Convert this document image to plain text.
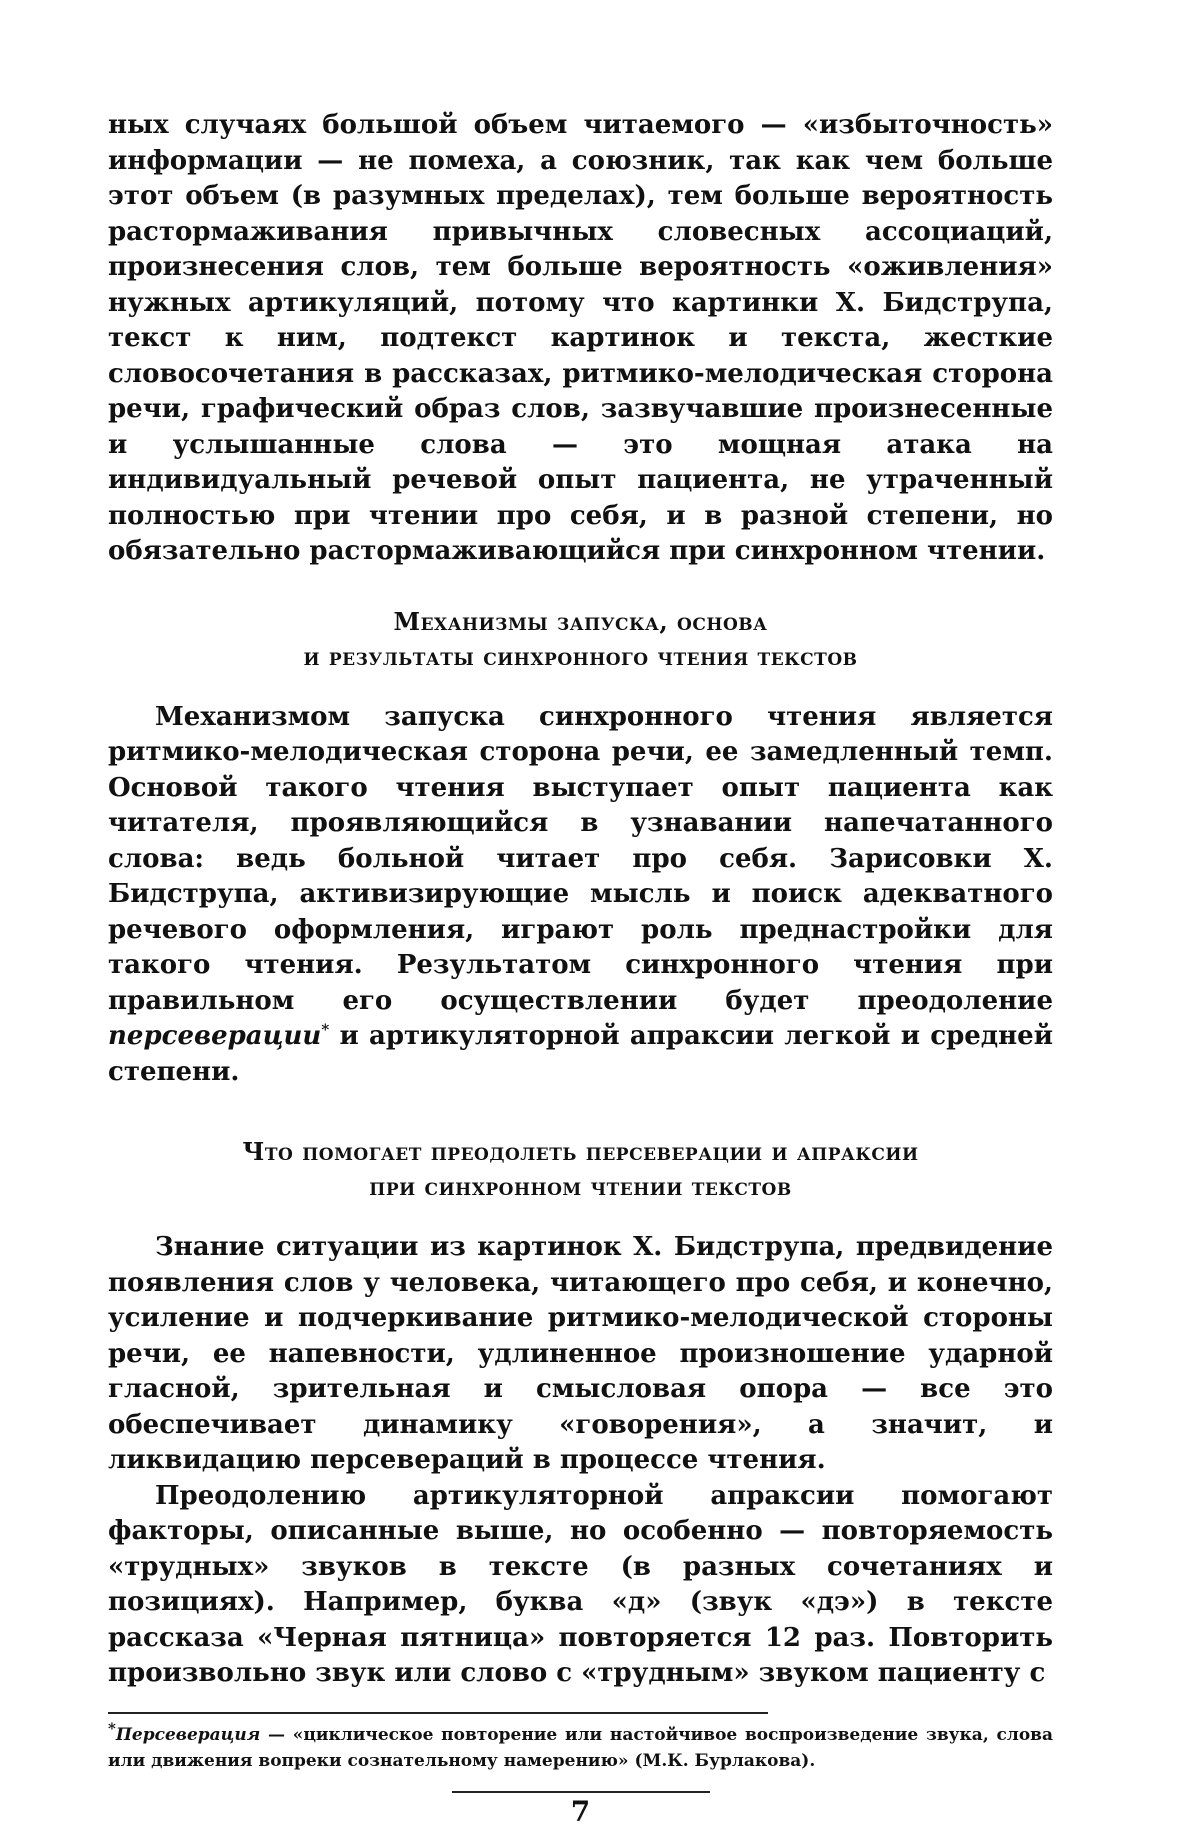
ных случаях большой объем читаемого — «избыточность» информации — не помеха, а союзник, так как чем больше этот объем (в разумных пределах), тем больше вероятность растормаживания привычных словесных ассоциаций, произнесения слов, тем больше вероятность «оживления» нужных артикуляций, потому что картинки Х. Бидструпа, текст к ним, подтекст картинок и текста, жесткие словосочетания в рассказах, ритмико-мелодическая сторона речи, графический образ слов, зазвучавшие произнесенные и услышанные слова — это мощная атака на индивидуальный речевой опыт пациента, не утраченный полностью при чтении про себя, и в разной степени, но обязательно растормаживающийся при синхронном чтении.

Механизмы запуска, основа
и результаты синхронного чтения текстов

Механизмом запуска синхронного чтения является ритмико-мелодическая сторона речи, ее замедленный темп. Основой такого чтения выступает опыт пациента как читателя, проявляющийся в узнавании напечатанного слова: ведь больной читает про себя. Зарисовки Х. Бидструпа, активизирующие мысль и поиск адекватного речевого оформления, играют роль преднастройки для такого чтения. Результатом синхронного чтения при правильном его осуществлении будет преодоление персеверации* и артикуляторной апраксии легкой и средней степени.

Что помогает преодолеть персеверации и апраксии
при синхронном чтении текстов

Знание ситуации из картинок Х. Бидструпа, предвидение появления слов у человека, читающего про себя, и конечно, усиление и подчеркивание ритмико-мелодической стороны речи, ее напевности, удлиненное произношение ударной гласной, зрительная и смысловая опора — все это обеспечивает динамику «говорения», а значит, и ликвидацию персевераций в процессе чтения.

Преодолению артикуляторной апраксии помогают факторы, описанные выше, но особенно — повторяемость «трудных» звуков в тексте (в разных сочетаниях и позициях). Например, буква «д» (звук «дэ») в тексте рассказа «Черная пятница» повторяется 12 раз. Повторить произвольно звук или слово с «трудным» звуком пациенту с

*Персеверация — «циклическое повторение или настойчивое воспроизведение звука, слова или движения вопреки сознательному намерению» (М.К. Бурлакова).

7
